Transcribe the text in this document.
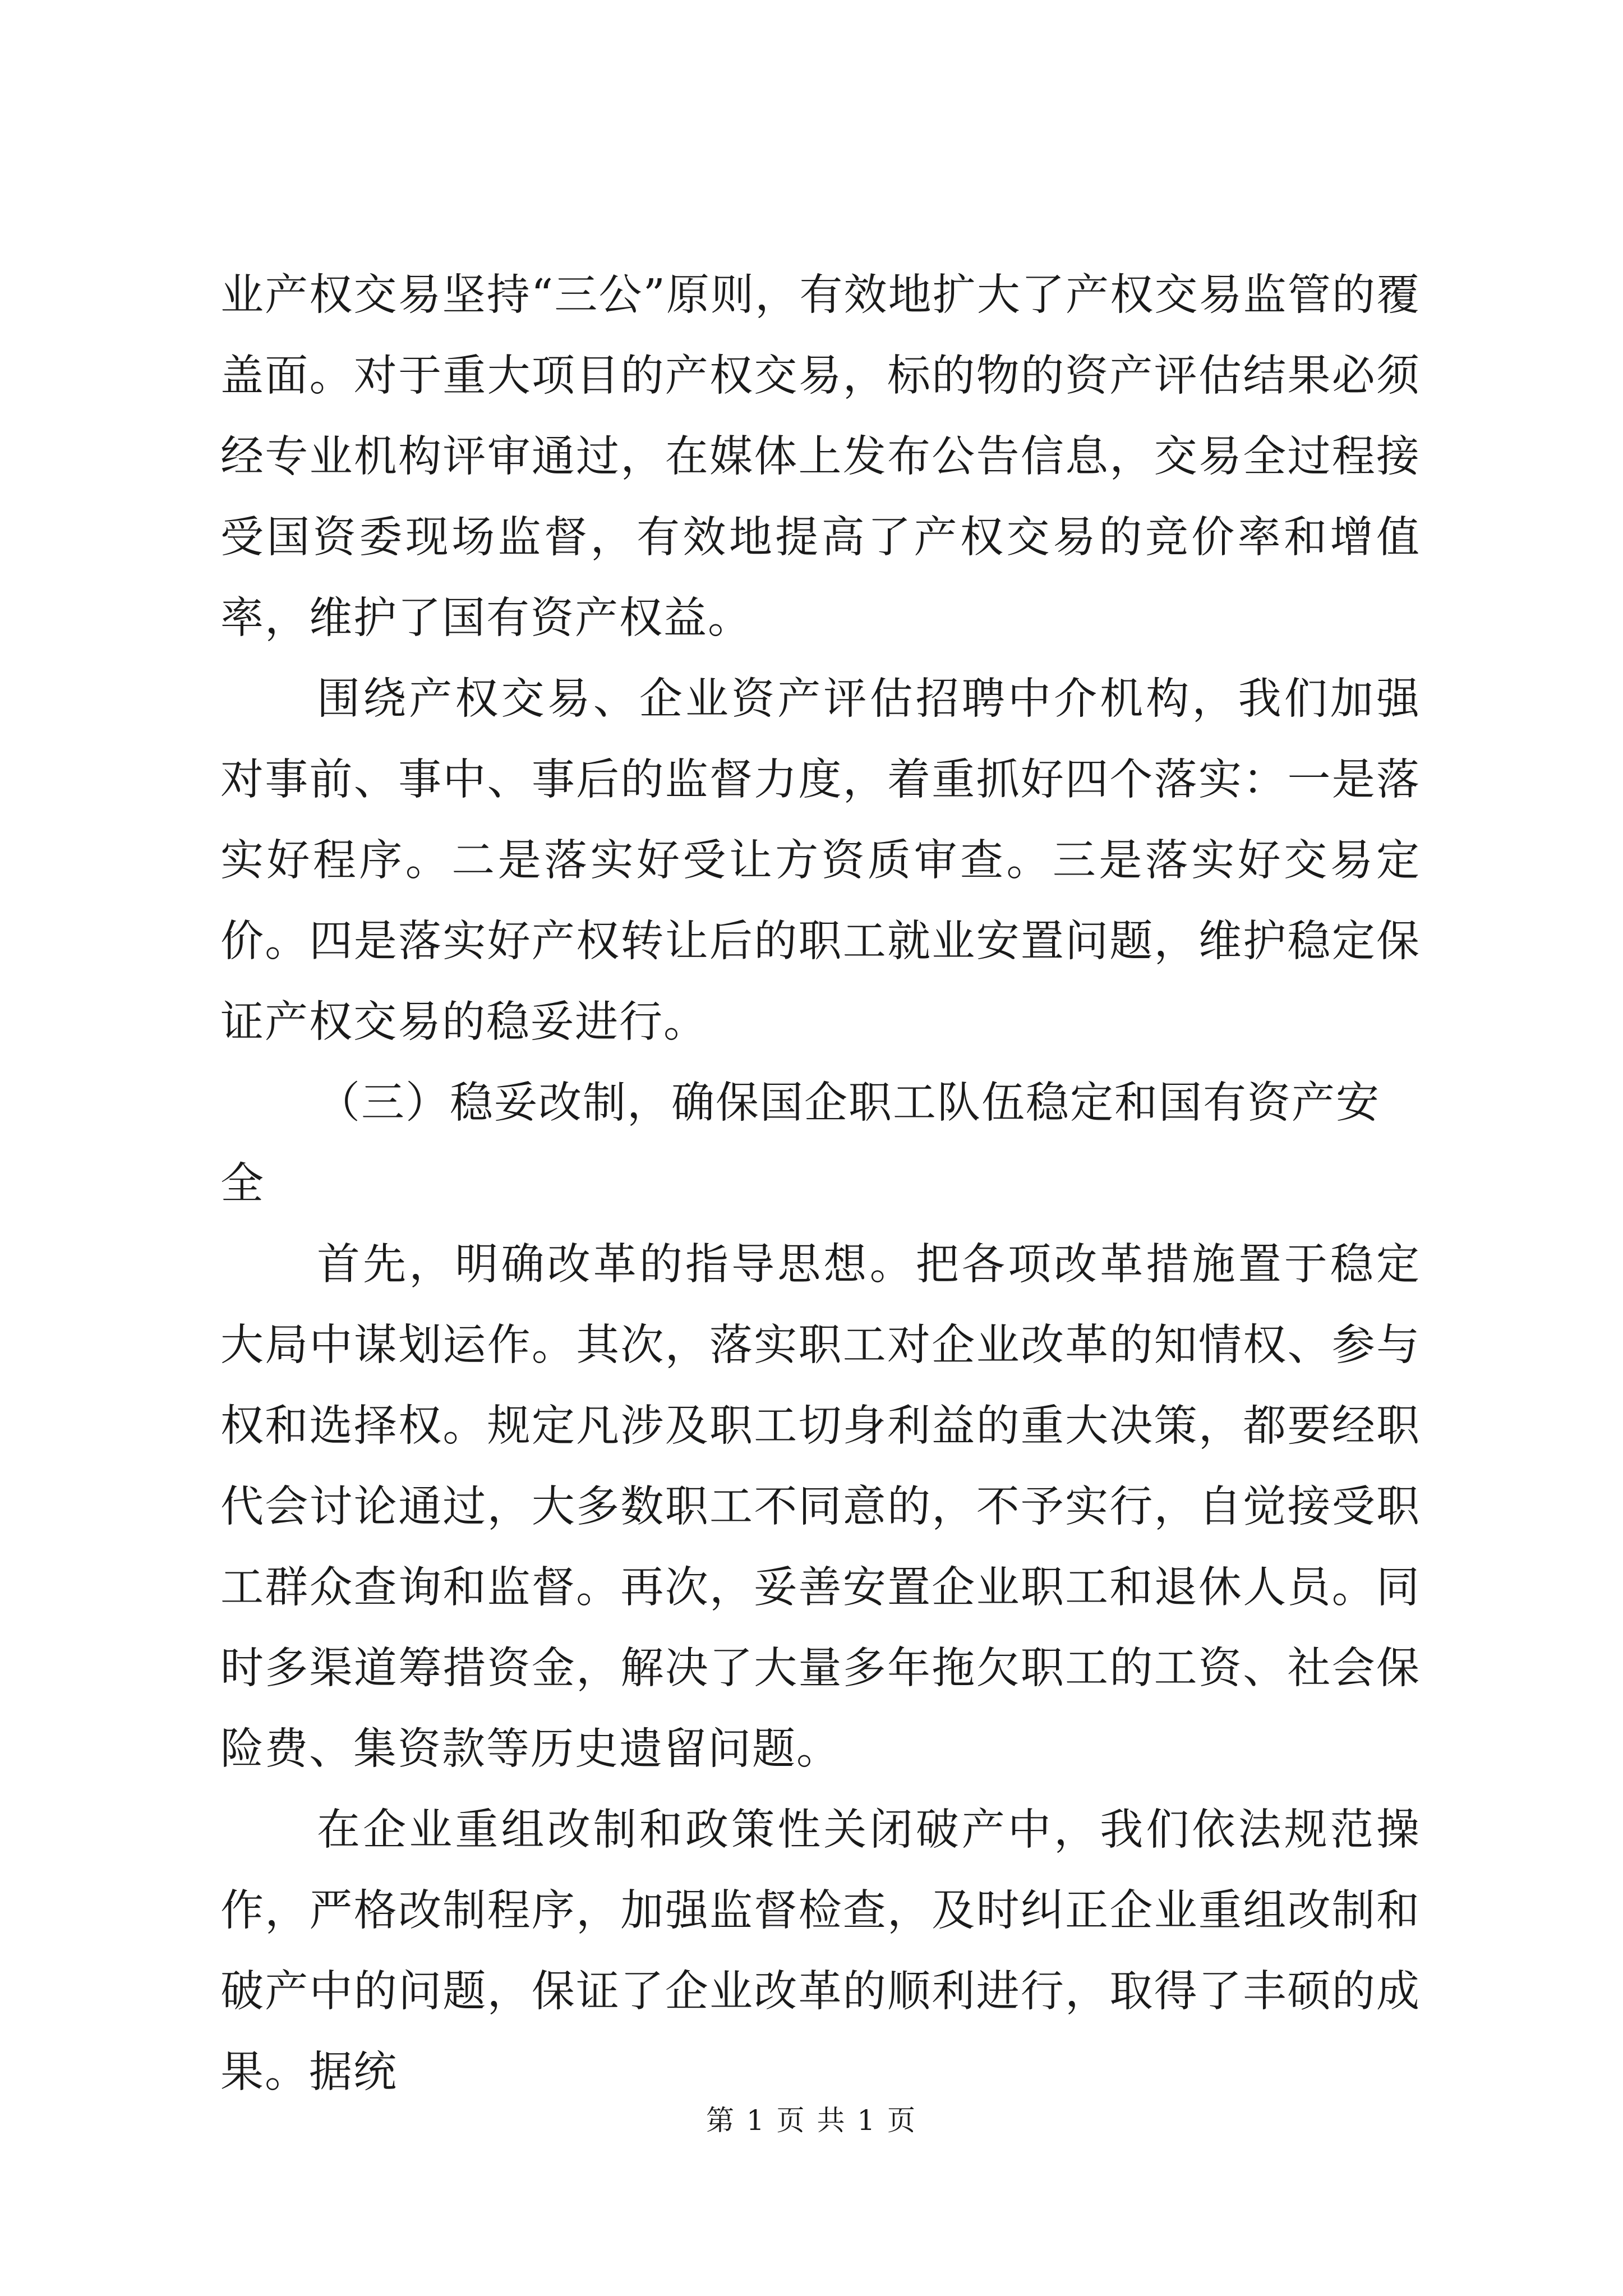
业产权交易坚持“三公”原则，有效地扩大了产权交易监管的覆盖面。对于重大项目的产权交易，标的物的资产评估结果必须经专业机构评审通过，在媒体上发布公告信息，交易全过程接受国资委现场监督，有效地提高了产权交易的竞价率和增值率，维护了国有资产权益。

围绕产权交易、企业资产评估招聘中介机构，我们加强对事前、事中、事后的监督力度，着重抓好四个落实：一是落实好程序。二是落实好受让方资质审查。三是落实好交易定价。四是落实好产权转让后的职工就业安置问题，维护稳定保证产权交易的稳妥进行。

（三）稳妥改制，确保国企职工队伍稳定和国有资产安全

首先，明确改革的指导思想。把各项改革措施置于稳定大局中谋划运作。其次，落实职工对企业改革的知情权、参与权和选择权。规定凡涉及职工切身利益的重大决策，都要经职代会讨论通过，大多数职工不同意的，不予实行，自觉接受职工群众查询和监督。再次，妥善安置企业职工和退休人员。同时多渠道筹措资金，解决了大量多年拖欠职工的工资、社会保险费、集资款等历史遗留问题。

在企业重组改制和政策性关闭破产中，我们依法规范操作，严格改制程序，加强监督检查，及时纠正企业重组改制和破产中的问题，保证了企业改革的顺利进行，取得了丰硕的成果。据统

第 1 页 共 1 页
